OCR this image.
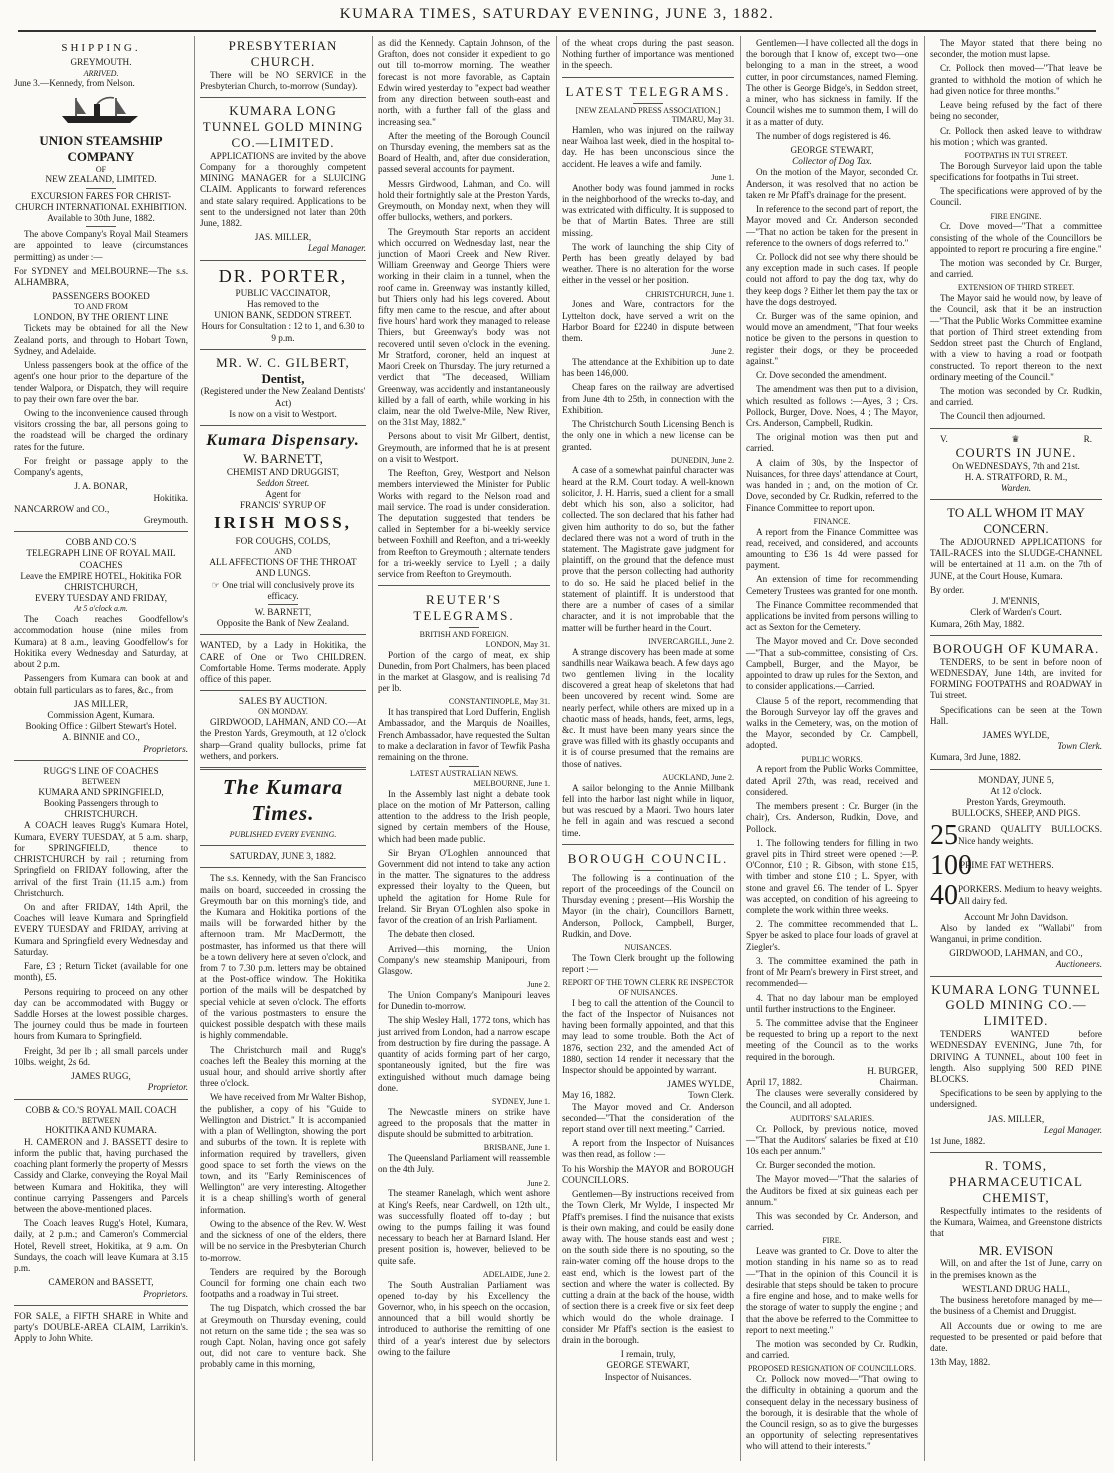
KUMARA TIMES, SATURDAY EVENING, JUNE 3, 1882.
SHIPPING.
GREYMOUTH.
ARRIVED.

June 3.—Kennedy, from Nelson.

UNION STEAMSHIP COMPANY
OF
NEW ZEALAND, LIMITED.
EXCURSION FARES FOR CHRIST-CHURCH INTERNATIONAL EXHIBITION.
Available to 30th June, 1882.

The above Company's Royal Mail Steamers are appointed to leave (circumstances permitting) as under :—

For SYDNEY and MELBOURNE—The s.s. ALHAMBRA,

PASSENGERS BOOKED
TO AND FROM
LONDON, BY THE ORIENT LINE

Tickets may be obtained for all the New Zealand ports, and through to Hobart Town, Sydney, and Adelaide.

Unless passengers book at the office of the agent's one hour prior to the departure of the tender Walpora, or Dispatch, they will require to pay their own fare over the bar.

Owing to the inconvenience caused through visitors crossing the bar, all persons going to the roadstead will be charged the ordinary rates for the future.

For freight or passage apply to the Company's agents,

J. A. BONAR,
Hokitika.
NANCARROW and CO.,
Greymouth.
COBB AND CO.'S
TELEGRAPH LINE OF ROYAL MAIL COACHES
Leave the EMPIRE HOTEL, Hokitika FOR CHRISTCHURCH,
EVERY TUESDAY AND FRIDAY,
At 5 o'clock a.m.

The Coach reaches Goodfellow's accommodation house (nine miles from Kumara) at 8 a.m., leaving Goodfellow's for Hokitika every Wednesday and Saturday, at about 2 p.m.

Passengers from Kumara can book at and obtain full particulars as to fares, &c., from

JAS MILLER,
Commission Agent, Kumara.
Booking Office : Gilbert Stewart's Hotel.
A. BINNIE and CO.,
Proprietors.
RUGG'S LINE OF COACHES
BETWEEN
KUMARA AND SPRINGFIELD,
Booking Passengers through to
CHRISTCHURCH.

A COACH leaves Rugg's Kumara Hotel, Kumara, EVERY TUESDAY, at 5 a.m. sharp, for SPRINGFIELD, thence to CHRISTCHURCH by rail ; returning from Springfield on FRIDAY following, after the arrival of the first Train (11.15 a.m.) from Christchurch.

On and after FRIDAY, 14th April, the Coaches will leave Kumara and Springfield EVERY TUESDAY and FRIDAY, arriving at Kumara and Springfield every Wednesday and Saturday.

Fare, £3 ; Return Ticket (available for one month), £5.

Persons requiring to proceed on any other day can be accommodated with Buggy or Saddle Horses at the lowest possible charges. The journey could thus be made in fourteen hours from Kumara to Springfield.

Freight, 3d per lb ; all small parcels under 10lbs. weight, 2s 6d.

JAMES RUGG,
Proprietor.
COBB & CO.'S ROYAL MAIL COACH
BETWEEN
HOKITIKA AND KUMARA.

H. CAMERON and J. BASSETT desire to inform the public that, having purchased the coaching plant formerly the property of Messrs Cassidy and Clarke, conveying the Royal Mail between Kumara and Hokitika, they will continue carrying Passengers and Parcels between the above-mentioned places.

The Coach leaves Rugg's Hotel, Kumara, daily, at 2 p.m.; and Cameron's Commercial Hotel, Revell street, Hokitika, at 9 a.m. On Sundays, the coach will leave Kumara at 3.15 p.m.

CAMERON and BASSETT,
Proprietors.

FOR SALE, a FIFTH SHARE in White and party's DOUBLE-AREA CLAIM, Larrikin's. Apply to John White.

PRESBYTERIAN CHURCH.

There will be NO SERVICE in the Presbyterian Church, to-morrow (Sunday).

KUMARA LONG TUNNEL GOLD MINING CO.—LIMITED.

APPLICATIONS are invited by the above Company for a thoroughly competent MINING MANAGER for a SLUICING CLAIM. Applicants to forward references and state salary required. Applications to be sent to the undersigned not later than 20th June, 1882.

JAS. MILLER,
Legal Manager.
DR. PORTER,
PUBLIC VACCINATOR,
Has removed to the
UNION BANK, SEDDON STREET.
Hours for Consultation : 12 to 1, and 6.30 to 9 p.m.
MR. W. C. GILBERT,
Dentist,
(Registered under the New Zealand Dentists' Act)
Is now on a visit to Westport.
Kumara Dispensary.
W. BARNETT,
CHEMIST AND DRUGGIST,
Seddon Street.
Agent for
FRANCIS' SYRUP OF
IRISH MOSS,
FOR COUGHS, COLDS,
AND
ALL AFFECTIONS OF THE THROAT AND LUNGS.
☞ One trial will conclusively prove its efficacy.
W. BARNETT,
Opposite the Bank of New Zealand.

WANTED, by a Lady in Hokitika, the CARE of One or Two CHILDREN. Comfortable Home. Terms moderate. Apply office of this paper.

SALES BY AUCTION.
ON MONDAY.

GIRDWOOD, LAHMAN, AND CO.—At the Preston Yards, Greymouth, at 12 o'clock sharp—Grand quality bullocks, prime fat wethers, and porkers.

The Kumara Times.
PUBLISHED EVERY EVENING.
SATURDAY, JUNE 3, 1882.

The s.s. Kennedy, with the San Francisco mails on board, succeeded in crossing the Greymouth bar on this morning's tide, and the Kumara and Hokitika portions of the mails will be forwarded hither by the afternoon tram. Mr MacDermott, the postmaster, has informed us that there will be a town delivery here at seven o'clock, and from 7 to 7.30 p.m. letters may be obtained at the Post-office window. The Hokitika portion of the mails will be despatched by special vehicle at seven o'clock. The efforts of the various postmasters to ensure the quickest possible despatch with these mails is highly commendable.

The Christchurch mail and Rugg's coaches left the Bealey this morning at the usual hour, and should arrive shortly after three o'clock.

We have received from Mr Walter Bishop, the publisher, a copy of his "Guide to Wellington and District." It is accompanied with a plan of Wellington, showing the port and suburbs of the town. It is replete with information required by travellers, given good space to set forth the views on the town, and its "Early Reminiscences of Wellington" are very interesting. Altogether it is a cheap shilling's worth of general information.

Owing to the absence of the Rev. W. West and the sickness of one of the elders, there will be no service in the Presbyterian Church to-morrow.

Tenders are required by the Borough Council for forming one chain each two footpaths and a roadway in Tui street.

The tug Dispatch, which crossed the bar at Greymouth on Thursday evening, could not return on the same tide ; the sea was so rough Capt. Nolan, having once got safely out, did not care to venture back. She probably came in this morning,

as did the Kennedy. Captain Johnson, of the Grafton, does not consider it expedient to go out till to-morrow morning. The weather forecast is not more favorable, as Captain Edwin wired yesterday to "expect bad weather from any direction between south-east and north, with a further fall of the glass and increasing sea."

After the meeting of the Borough Council on Thursday evening, the members sat as the Board of Health, and, after due consideration, passed several accounts for payment.

Messrs Girdwood, Lahman, and Co. will hold their fortnightly sale at the Preston Yards, Greymouth, on Monday next, when they will offer bullocks, wethers, and porkers.

The Greymouth Star reports an accident which occurred on Wednesday last, near the junction of Maori Creek and New River. William Greenway and George Thiers were working in their claim in a tunnel, when the roof came in. Greenway was instantly killed, but Thiers only had his legs covered. About fifty men came to the rescue, and after about five hours' hard work they managed to release Thiers, but Greenway's body was not recovered until seven o'clock in the evening. Mr Stratford, coroner, held an inquest at Maori Creek on Thursday. The jury returned a verdict that "The deceased, William Greenway, was accidently and instantaneously killed by a fall of earth, while working in his claim, near the old Twelve-Mile, New River, on the 31st May, 1882."

Persons about to visit Mr Gilbert, dentist, Greymouth, are informed that he is at present on a visit to Westport.

The Reefton, Grey, Westport and Nelson members interviewed the Minister for Public Works with regard to the Nelson road and mail service. The road is under consideration. The deputation suggested that tenders be called in September for a bi-weekly service between Foxhill and Reefton, and a tri-weekly from Reefton to Greymouth ; alternate tenders for a tri-weekly service to Lyell ; a daily service from Reefton to Greymouth.

REUTER'S TELEGRAMS.
BRITISH AND FOREIGN.
LONDON, May 31.

Portion of the cargo of meat, ex ship Dunedin, from Port Chalmers, has been placed in the market at Glasgow, and is realising 7d per lb.

CONSTANTINOPLE, May 31.

It has transpired that Lord Dufferin, English Ambassador, and the Marquis de Noailles, French Ambassador, have requested the Sultan to make a declaration in favor of Tewfik Pasha remaining on the throne.

LATEST AUSTRALIAN NEWS.
MELBOURNE, June 1.

In the Assembly last night a debate took place on the motion of Mr Patterson, calling attention to the address to the Irish people, signed by certain members of the House, which had been made public.

Sir Bryan O'Loghlen announced that Government did not intend to take any action in the matter. The signatures to the address expressed their loyalty to the Queen, but upheld the agitation for Home Rule for Ireland. Sir Bryan O'Loghlen also spoke in favor of the creation of an Irish Parliament.

The debate then closed.

Arrived—this morning, the Union Company's new steamship Manipouri, from Glasgow.

June 2.

The Union Company's Manipouri leaves for Dunedin to-morrow.

The ship Wesley Hall, 1772 tons, which has just arrived from London, had a narrow escape from destruction by fire during the passage. A quantity of acids forming part of her cargo, spontaneously ignited, but the fire was extinguished without much damage being done.

SYDNEY, June 1.

The Newcastle miners on strike have agreed to the proposals that the matter in dispute should be submitted to arbitration.

BRISBANE, June 1.

The Queensland Parliament will reassemble on the 4th July.

June 2.

The steamer Ranelagh, which went ashore at King's Reefs, near Cardwell, on 12th ult., was successfully floated off to-day ; but owing to the pumps failing it was found necessary to beach her at Barnard Island. Her present position is, however, believed to be quite safe.

ADELAIDE, June 2.

The South Australian Parliament was opened to-day by his Excellency the Governor, who, in his speech on the occasion, announced that a bill would shortly be introduced to authorise the remitting of one third of a year's interest due by selectors owing to the failure

of the wheat crops during the past season. Nothing further of importance was mentioned in the speech.

LATEST TELEGRAMS.
[NEW ZEALAND PRESS ASSOCIATION.]
TIMARU, May 31.

Hamlen, who was injured on the railway near Waihoa last week, died in the hospital to-day. He has been unconscious since the accident. He leaves a wife and family.

June 1.

Another body was found jammed in rocks in the neighborhood of the wrecks to-day, and was extricated with difficulty. It is supposed to be that of Martin Bates. Three are still missing.

The work of launching the ship City of Perth has been greatly delayed by bad weather. There is no alteration for the worse either in the vessel or her position.

CHRISTCHURCH, June 1.

Jones and Ware, contractors for the Lyttelton dock, have served a writ on the Harbor Board for £2240 in dispute between them.

June 2.

The attendance at the Exhibition up to date has been 146,000.

Cheap fares on the railway are advertised from June 4th to 25th, in connection with the Exhibition.

The Christchurch South Licensing Bench is the only one in which a new license can be granted.

DUNEDIN, June 2.

A case of a somewhat painful character was heard at the R.M. Court today. A well-known solicitor, J. H. Harris, sued a client for a small debt which his son, also a solicitor, had collected. The son declared that his father had given him authority to do so, but the father declared there was not a word of truth in the statement. The Magistrate gave judgment for plaintiff, on the ground that the defence must prove that the person collecting had authority to do so. He said he placed belief in the statement of plaintiff. It is understood that there are a number of cases of a similar character, and it is not improbable that the matter will be further heard in the Court.

INVERCARGILL, June 2.

A strange discovery has been made at some sandhills near Waikawa beach. A few days ago two gentlemen living in the locality discovered a great heap of skeletons that had been uncovered by recent wind. Some are nearly perfect, while others are mixed up in a chaotic mass of heads, hands, feet, arms, legs, &c. It must have been many years since the grave was filled with its ghastly occupants and it is of course presumed that the remains are those of natives.

AUCKLAND, June 2.

A sailor belonging to the Annie Millbank fell into the harbor last night while in liquor, but was rescued by a Maori. Two hours later he fell in again and was rescued a second time.

BOROUGH COUNCIL.

The following is a continuation of the report of the proceedings of the Council on Thursday evening ; present—His Worship the Mayor (in the chair), Councillors Barnett, Anderson, Pollock, Campbell, Burger, Rudkin, and Dove.

NUISANCES.

The Town Clerk brought up the following report :—

REPORT OF THE TOWN CLERK RE INSPECTOR OF NUISANCES.

I beg to call the attention of the Council to the fact of the Inspector of Nuisances not having been formally appointed, and that this may lead to some trouble. Both the Act of 1876, section 232, and the amended Act of 1880, section 14 render it necessary that the Inspector should be appointed by warrant.

JAMES WYLDE,
May 16, 1882.	Town Clerk.

The Mayor moved and Cr. Anderson seconded—"That the consideration of the report stand over till next meeting." Carried.

A report from the Inspector of Nuisances was then read, as follow :—

To his Worship the MAYOR and BOROUGH COUNCILLORS.

Gentlemen—By instructions received from the Town Clerk, Mr Wylde, I inspected Mr Pfaff's premises. I find the nuisance that exists is their own making, and could be easily done away with. The house stands east and west ; on the south side there is no spouting, so the rain-water coming off the house drops to the east end, which is the lowest part of the section and where the water is collected. By cutting a drain at the back of the house, width of section there is a creek five or six feet deep which would do the whole drainage. I consider Mr Pfaff's section is the easiest to drain in the borough.

I remain, truly,
GEORGE STEWART,
Inspector of Nuisances.

Gentlemen—I have collected all the dogs in the borough that I know of, except two—one belonging to a man in the street, a wood cutter, in poor circumstances, named Fleming. The other is George Bidge's, in Seddon street, a miner, who has sickness in family. If the Council wishes me to summon them, I will do it as a matter of duty.

The number of dogs registered is 46.

GEORGE STEWART,
Collector of Dog Tax.

On the motion of the Mayor, seconded Cr. Anderson, it was resolved that no action be taken re Mr Pfaff's drainage for the present.

In reference to the second part of report, the Mayor moved and Cr. Anderson seconded—"That no action be taken for the present in reference to the owners of dogs referred to."

Cr. Pollock did not see why there should be any exception made in such cases. If people could not afford to pay the dog tax, why do they keep dogs ? Either let them pay the tax or have the dogs destroyed.

Cr. Burger was of the same opinion, and would move an amendment, "That four weeks notice be given to the persons in question to register their dogs, or they be proceeded against."

Cr. Dove seconded the amendment.

The amendment was then put to a division, which resulted as follows :—Ayes, 3 ; Crs. Pollock, Burger, Dove. Noes, 4 ; The Mayor, Crs. Anderson, Campbell, Rudkin.

The original motion was then put and carried.

A claim of 30s, by the Inspector of Nuisances, for three days' attendance at Court, was handed in ; and, on the motion of Cr. Dove, seconded by Cr. Rudkin, referred to the Finance Committee to report upon.

FINANCE.

A report from the Finance Committee was read, received, and considered, and accounts amounting to £36 1s 4d were passed for payment.

An extension of time for recommending Cemetery Trustees was granted for one month.

The Finance Committee recommended that applications be invited from persons willing to act as Sexton for the Cemetery.

The Mayor moved and Cr. Dove seconded—"That a sub-committee, consisting of Crs. Campbell, Burger, and the Mayor, be appointed to draw up rules for the Sexton, and to consider applications.—Carried.

Clause 5 of the report, recommending that the Borough Surveyor lay off the graves and walks in the Cemetery, was, on the motion of the Mayor, seconded by Cr. Campbell, adopted.

PUBLIC WORKS.

A report from the Public Works Committee, dated April 27th, was read, received and considered.

The members present : Cr. Burger (in the chair), Crs. Anderson, Rudkin, Dove, and Pollock.

1. The following tenders for filling in two gravel pits in Third street were opened :—P. O'Connor, £10 ; R. Gibson, with stone £15, with timber and stone £10 ; L. Spyer, with stone and gravel £6. The tender of L. Spyer was accepted, on condition of his agreeing to complete the work within three weeks.

2. The committee recommended that L. Spyer be asked to place four loads of gravel at Ziegler's.

3. The committee examined the path in front of Mr Pearn's brewery in First street, and recommended—

4. That no day labour man be employed until further instructions to the Engineer.

5. The committee advise that the Engineer be requested to bring up a report to the next meeting of the Council as to the works required in the borough.

H. BURGER,
April 17, 1882.	Chairman.

The clauses were severally considered by the Council, and all adopted.

AUDITORS' SALARIES.

Cr. Pollock, by previous notice, moved—"That the Auditors' salaries be fixed at £10 10s each per annum."

Cr. Burger seconded the motion.

The Mayor moved—"That the salaries of the Auditors be fixed at six guineas each per annum."

This was seconded by Cr. Anderson, and carried.

FIRE.

Leave was granted to Cr. Dove to alter the motion standing in his name so as to read—"That in the opinion of this Council it is desirable that steps should be taken to procure a fire engine and hose, and to make wells for the storage of water to supply the engine ; and that the above be referred to the Committee to report to next meeting."

The motion was seconded by Cr. Rudkin, and carried.

PROPOSED RESIGNATION OF COUNCILLORS.

Cr. Pollock now moved—"That owing to the difficulty in obtaining a quorum and the consequent delay in the necessary business of the borough, it is desirable that the whole of the Council resign, so as to give the burgesses an opportunity of selecting representatives who will attend to their interests."

The Mayor stated that there being no seconder, the motion must lapse.

Cr. Pollock then moved—"That leave be granted to withhold the motion of which he had given notice for three months."

Leave being refused by the fact of there being no seconder,

Cr. Pollock then asked leave to withdraw his motion ; which was granted.

FOOTPATHS IN TUI STREET.

The Borough Surveyor laid upon the table specifications for footpaths in Tui street.

The specifications were approved of by the Council.

FIRE ENGINE.

Cr. Dove moved—"That a committee consisting of the whole of the Councillors be appointed to report re procuring a fire engine."

The motion was seconded by Cr. Burger, and carried.

EXTENSION OF THIRD STREET.

The Mayor said he would now, by leave of the Council, ask that it be an instruction—"That the Public Works Committee examine that portion of Third street extending from Seddon street past the Church of England, with a view to having a road or footpath constructed. To report thereon to the next ordinary meeting of the Council."

The motion was seconded by Cr. Rudkin, and carried.

The Council then adjourned.

V.	♛	R.
COURTS IN JUNE.
On WEDNESDAYS, 7th and 21st.
H. A. STRATFORD, R. M.,
Warden.
TO ALL WHOM IT MAY CONCERN.

The ADJOURNED APPLICATIONS for TAIL-RACES into the SLUDGE-CHANNEL will be entertained at 11 a.m. on the 7th of JUNE, at the Court House, Kumara.

By order.
J. M'ENNIS,
Clerk of Warden's Court.
Kumara, 26th May, 1882.
BOROUGH OF KUMARA.

TENDERS, to be sent in before noon of WEDNESDAY, June 14th, are invited for FORMING FOOTPATHS and ROADWAY in Tui street.

Specifications can be seen at the Town Hall.

JAMES WYLDE,
Town Clerk.
Kumara, 3rd June, 1882.
MONDAY, JUNE 5,
At 12 o'clock.
Preston Yards, Greymouth.
BULLOCKS, SHEEP, AND PIGS.
25 GRAND QUALITY BULLOCKS. Nice handy weights.
100
PRIME FAT WETHERS.
40 PORKERS. Medium to heavy weights. All dairy fed.
Account Mr John Davidson.

Also by landed ex "Wallabi" from Wanganui, in prime condition.

GIRDWOOD, LAHMAN, and CO.,
Auctioneers.
KUMARA LONG TUNNEL GOLD MINING CO.—LIMITED.

TENDERS WANTED before WEDNESDAY EVENING, June 7th, for DRIVING A TUNNEL, about 100 feet in length. Also supplying 500 RED PINE BLOCKS.

Specifications to be seen by applying to the undersigned.

JAS. MILLER,
Legal Manager.
1st June, 1882.
R. TOMS, PHARMACEUTICAL CHEMIST,

Respectfully intimates to the residents of the Kumara, Waimea, and Greenstone districts that

MR. EVISON

Will, on and after the 1st of June, carry on in the premises known as the

WESTLAND DRUG HALL,

The business heretofore managed by me—the business of a Chemist and Druggist.

All Accounts due or owing to me are requested to be presented or paid before that date.

13th May, 1882.
